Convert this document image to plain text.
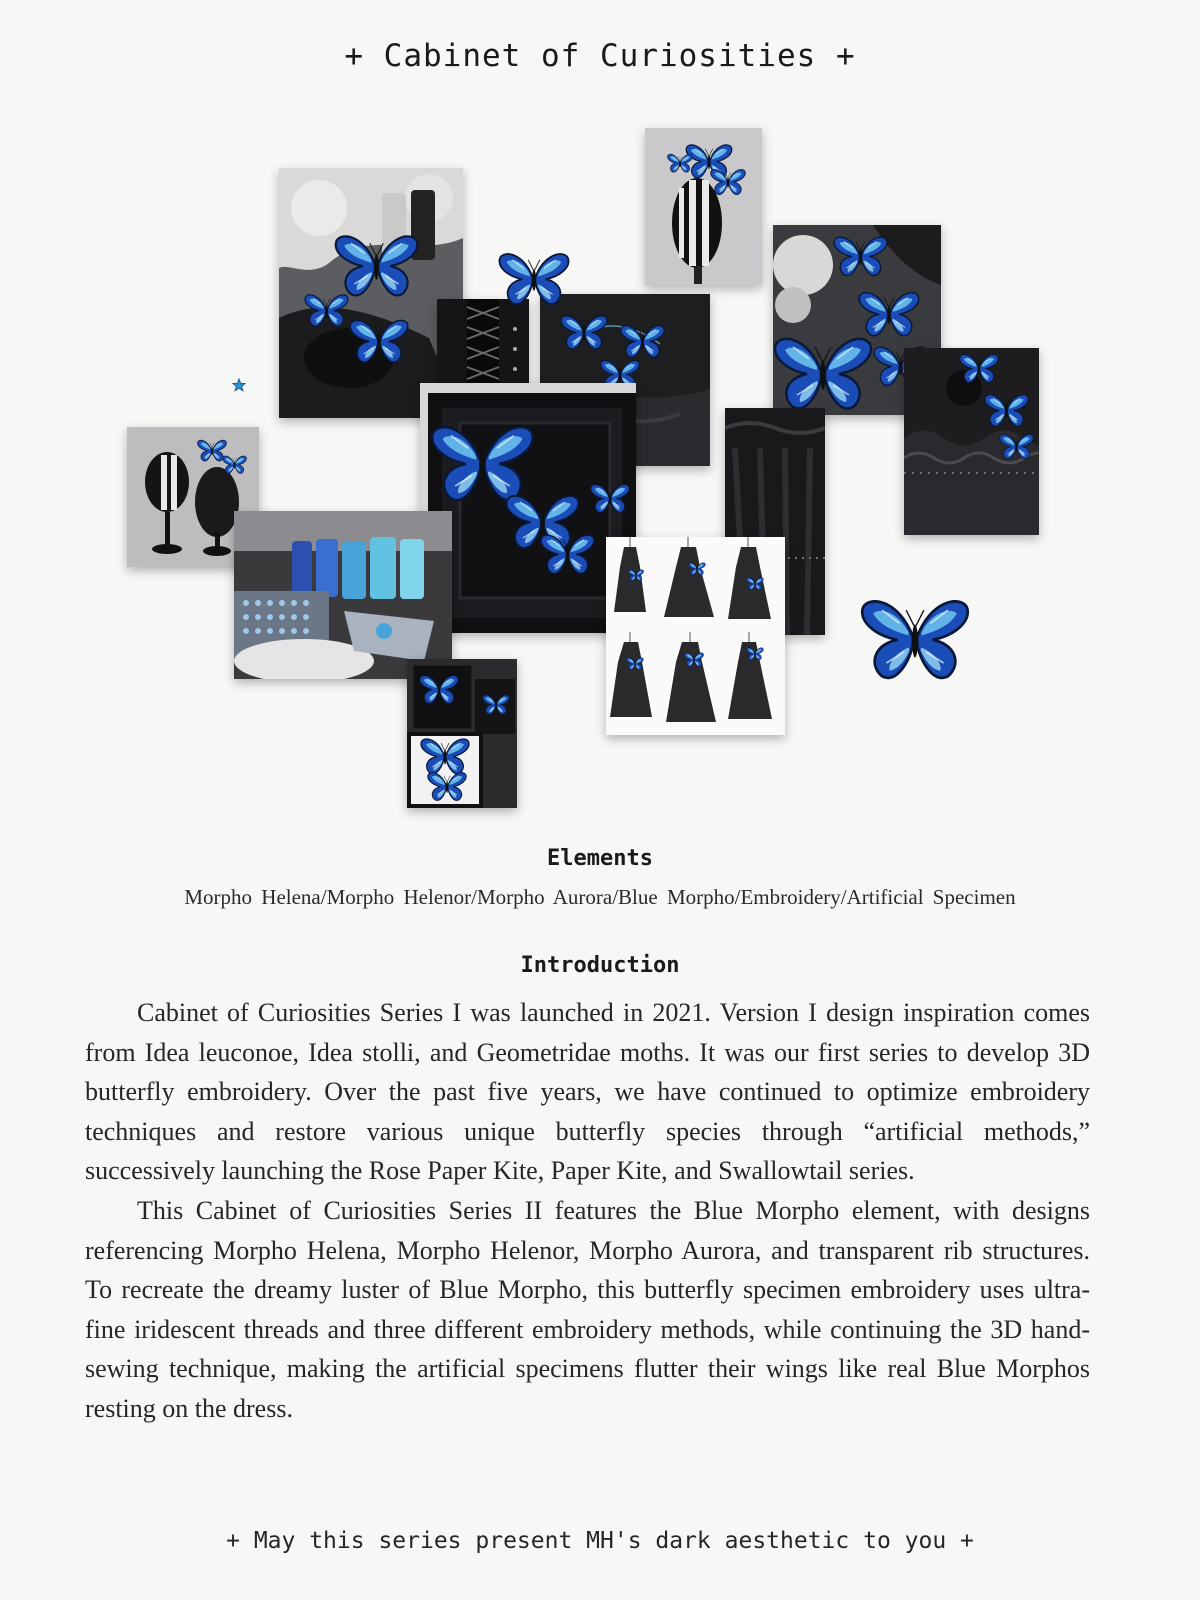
+ Cabinet of Curiosities +
Elements
Morpho Helena/Morpho Helenor/Morpho Aurora/Blue Morpho/Embroidery/Artificial Specimen
Introduction

Cabinet of Curiosities Series I was launched in 2021. Version I design inspiration comes from Idea leuconoe, Idea stolli, and Geometridae moths. It was our first series to develop 3D butterfly embroidery. Over the past five years, we have continued to optimize embroidery techniques and restore various unique butterfly species through “artificial methods,” successively launching the Rose Paper Kite, Paper Kite, and Swallowtail series.

This Cabinet of Curiosities Series II features the Blue Morpho element, with designs referencing Morpho Helena, Morpho Helenor, Morpho Aurora, and transparent rib structures. To recreate the dreamy luster of Blue Morpho, this butterfly specimen embroidery uses ultra-fine iridescent threads and three different embroidery methods, while continuing the 3D hand-sewing technique, making the artificial specimens flutter their wings like real Blue Morphos resting on the dress.

+ May this series present MH's dark aesthetic to you +
